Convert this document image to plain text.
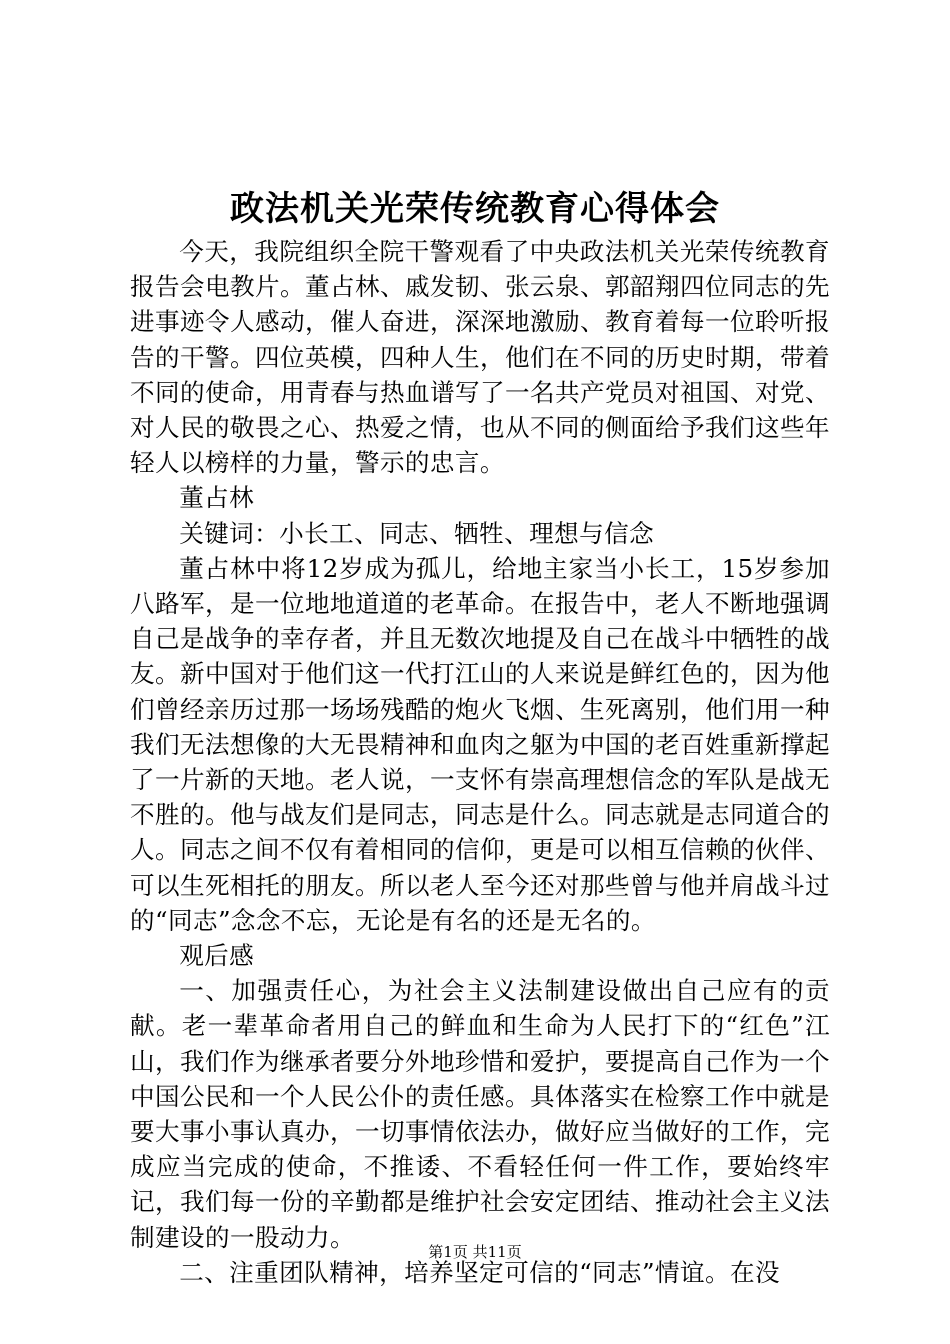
政法机关光荣传统教育心得体会

今天，我院组织全院干警观看了中央政法机关光荣传统教育报告会电教片。董占林、戚发韧、张云泉、郭韶翔四位同志的先进事迹令人感动，催人奋进，深深地激励、教育着每一位聆听报告的干警。四位英模，四种人生，他们在不同的历史时期，带着不同的使命，用青春与热血谱写了一名共产党员对祖国、对党、对人民的敬畏之心、热爱之情，也从不同的侧面给予我们这些年轻人以榜样的力量，警示的忠言。

董占林

关键词：小长工、同志、牺牲、理想与信念

董占林中将12岁成为孤儿，给地主家当小长工，15岁参加八路军，是一位地地道道的老革命。在报告中，老人不断地强调自己是战争的幸存者，并且无数次地提及自己在战斗中牺牲的战友。新中国对于他们这一代打江山的人来说是鲜红色的，因为他们曾经亲历过那一场场残酷的炮火飞烟、生死离别，他们用一种我们无法想像的大无畏精神和血肉之躯为中国的老百姓重新撑起了一片新的天地。老人说，一支怀有崇高理想信念的军队是战无不胜的。他与战友们是同志，同志是什么。同志就是志同道合的人。同志之间不仅有着相同的信仰，更是可以相互信赖的伙伴、可以生死相托的朋友。所以老人至今还对那些曾与他并肩战斗过的“同志”念念不忘，无论是有名的还是无名的。

观后感

一、加强责任心，为社会主义法制建设做出自己应有的贡献。老一辈革命者用自己的鲜血和生命为人民打下的“红色”江山，我们作为继承者要分外地珍惜和爱护，要提高自己作为一个中国公民和一个人民公仆的责任感。具体落实在检察工作中就是要大事小事认真办，一切事情依法办，做好应当做好的工作，完成应当完成的使命，不推诿、不看轻任何一件工作，要始终牢记，我们每一份的辛勤都是维护社会安定团结、推动社会主义法制建设的一股动力。

二、注重团队精神，培养坚定可信的“同志”情谊。在没

第1页 共11页
